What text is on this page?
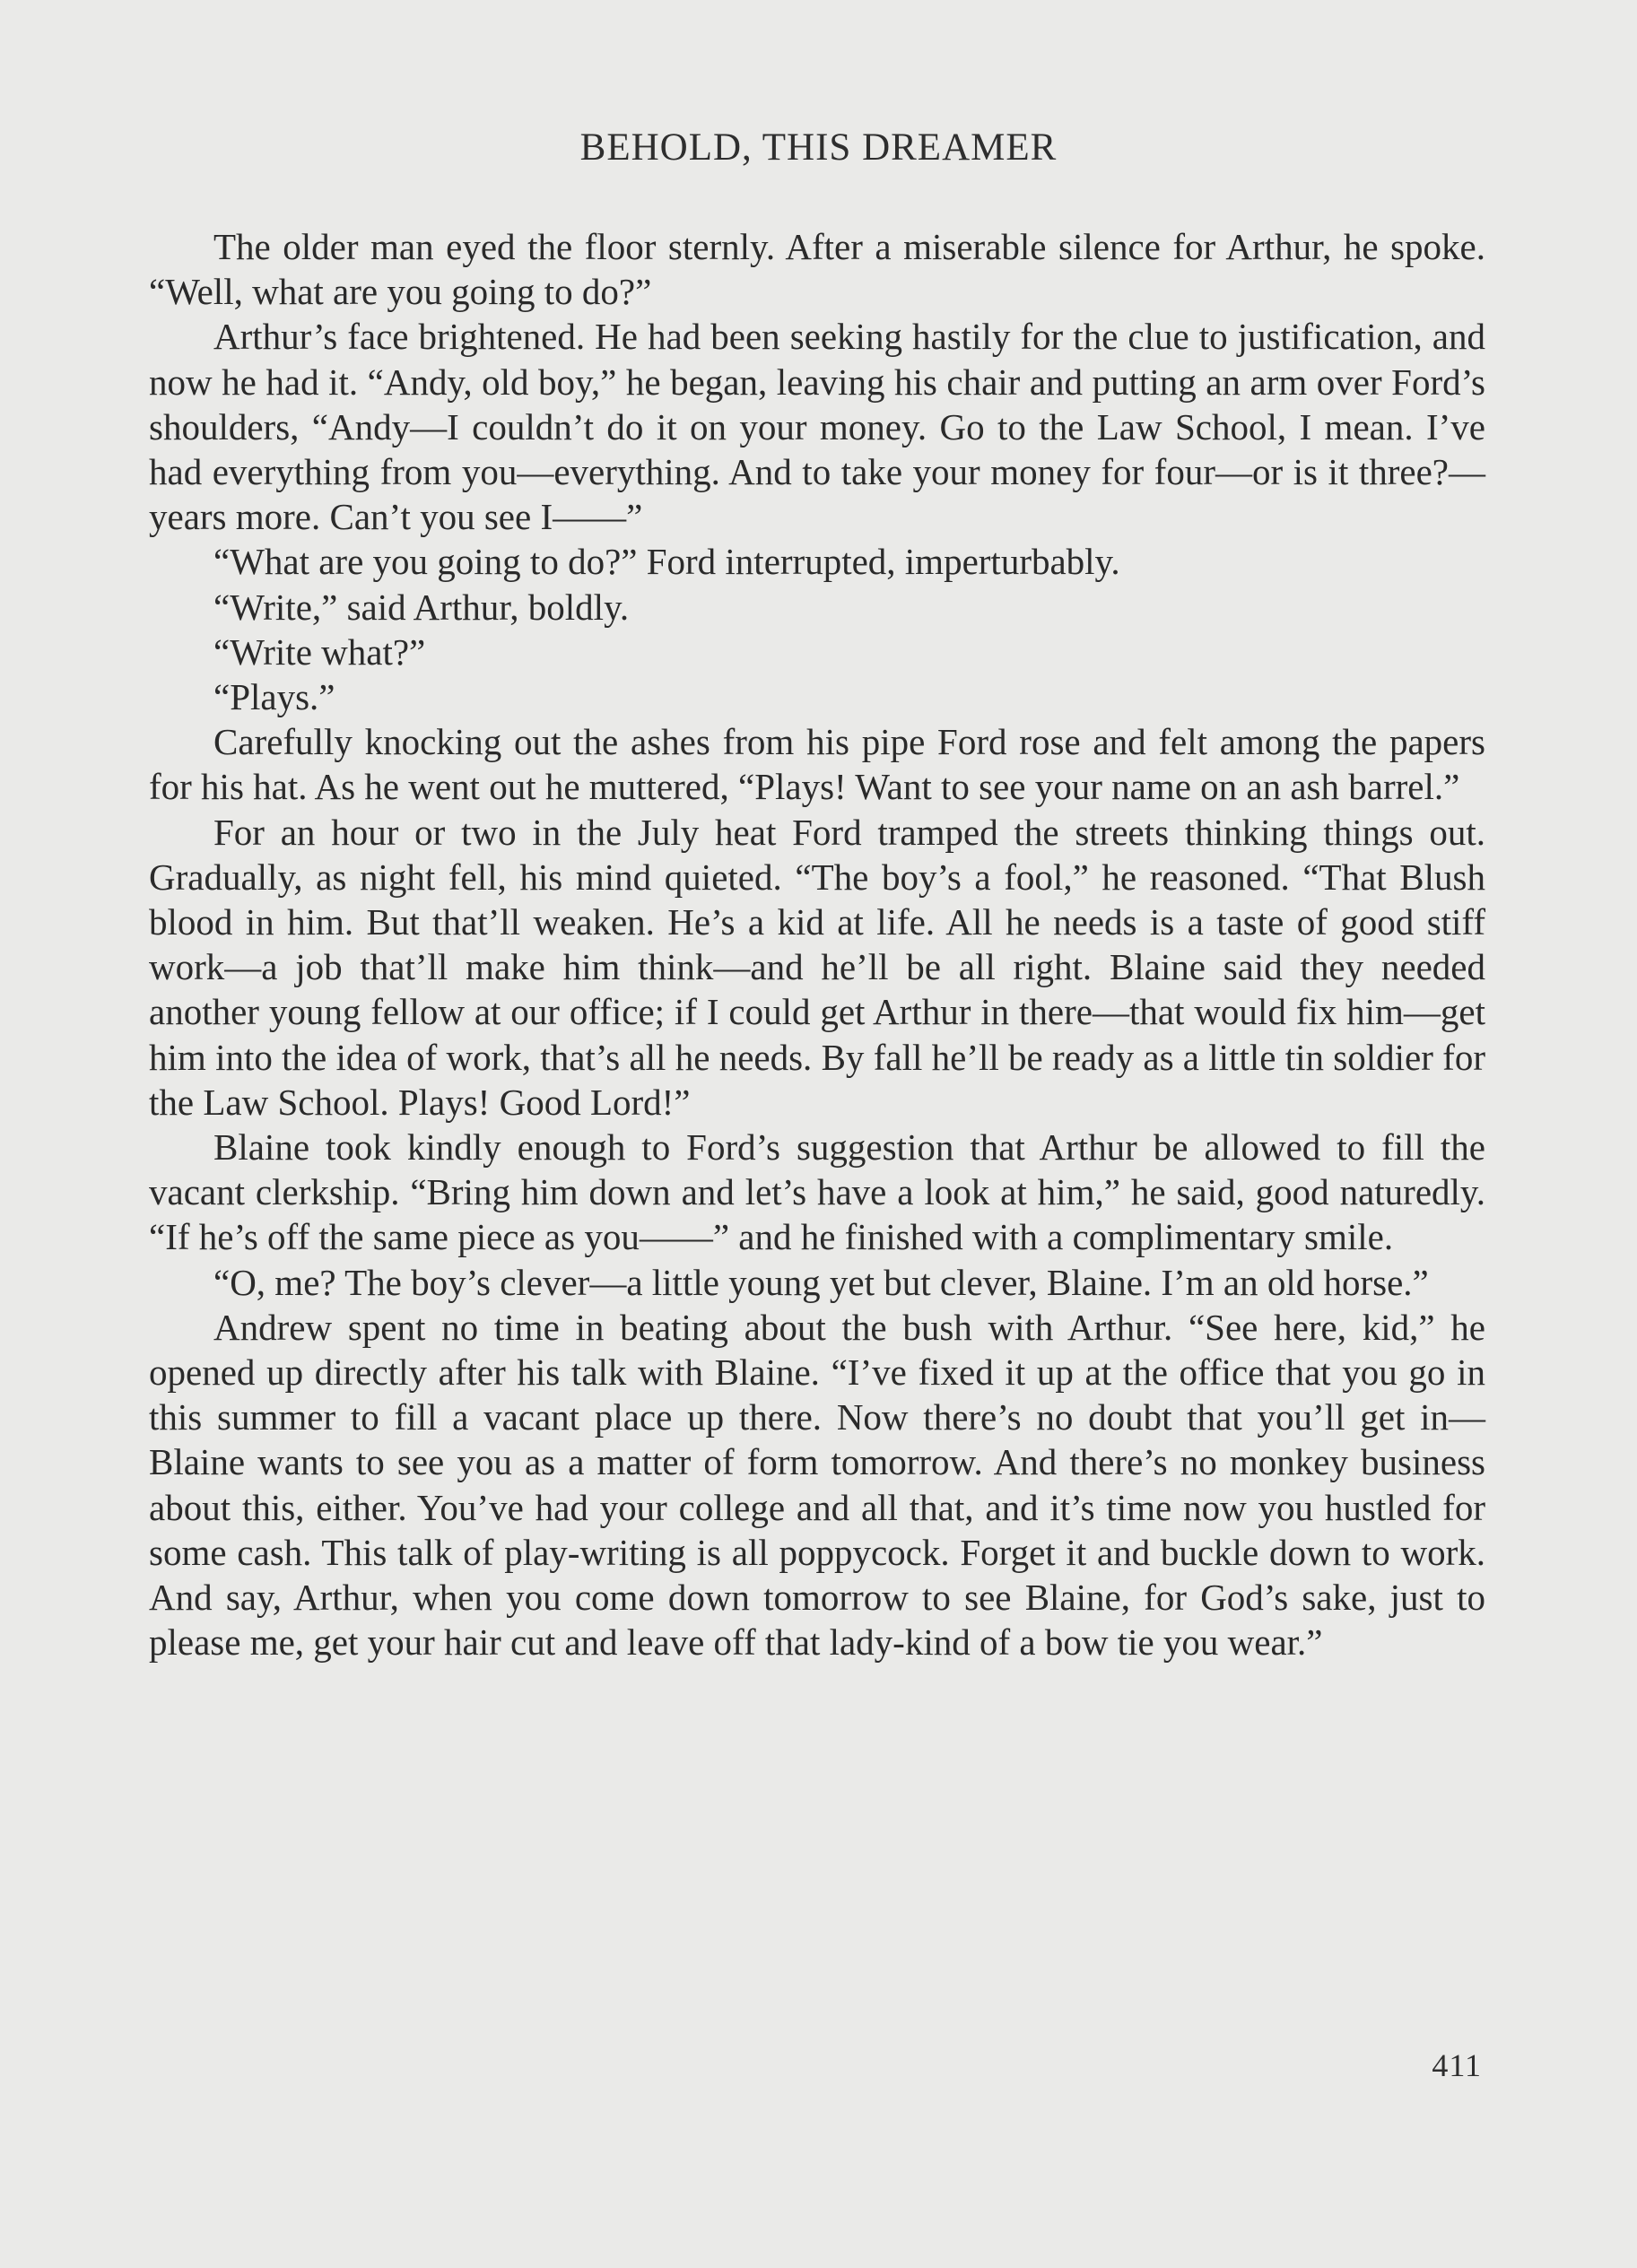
BEHOLD, THIS DREAMER

The older man eyed the floor sternly. After a miserable silence for Arthur, he spoke. “Well, what are you going to do?”

Arthur’s face brightened. He had been seeking hastily for the clue to justification, and now he had it. “Andy, old boy,” he began, leaving his chair and putting an arm over Ford’s shoulders, “Andy—I couldn’t do it on your money. Go to the Law School, I mean. I’ve had everything from you—everything. And to take your money for four—or is it three?—years more. Can’t you see I——”

“What are you going to do?” Ford interrupted, imperturbably.

“Write,” said Arthur, boldly.

“Write what?”

“Plays.”

Carefully knocking out the ashes from his pipe Ford rose and felt among the papers for his hat. As he went out he muttered, “Plays! Want to see your name on an ash barrel.”

For an hour or two in the July heat Ford tramped the streets thinking things out. Gradually, as night fell, his mind quieted. “The boy’s a fool,” he reasoned. “That Blush blood in him. But that’ll weaken. He’s a kid at life. All he needs is a taste of good stiff work—a job that’ll make him think—and he’ll be all right. Blaine said they needed another young fellow at our office; if I could get Arthur in there—that would fix him—get him into the idea of work, that’s all he needs. By fall he’ll be ready as a little tin soldier for the Law School. Plays! Good Lord!”

Blaine took kindly enough to Ford’s suggestion that Arthur be allowed to fill the vacant clerkship. “Bring him down and let’s have a look at him,” he said, good naturedly. “If he’s off the same piece as you——” and he finished with a complimentary smile.

“O, me? The boy’s clever—a little young yet but clever, Blaine. I’m an old horse.”

Andrew spent no time in beating about the bush with Arthur. “See here, kid,” he opened up directly after his talk with Blaine. “I’ve fixed it up at the office that you go in this summer to fill a vacant place up there. Now there’s no doubt that you’ll get in—Blaine wants to see you as a matter of form tomorrow. And there’s no monkey business about this, either. You’ve had your college and all that, and it’s time now you hustled for some cash. This talk of play-writing is all poppycock. Forget it and buckle down to work. And say, Arthur, when you come down tomorrow to see Blaine, for God’s sake, just to please me, get your hair cut and leave off that lady-kind of a bow tie you wear.”

411
